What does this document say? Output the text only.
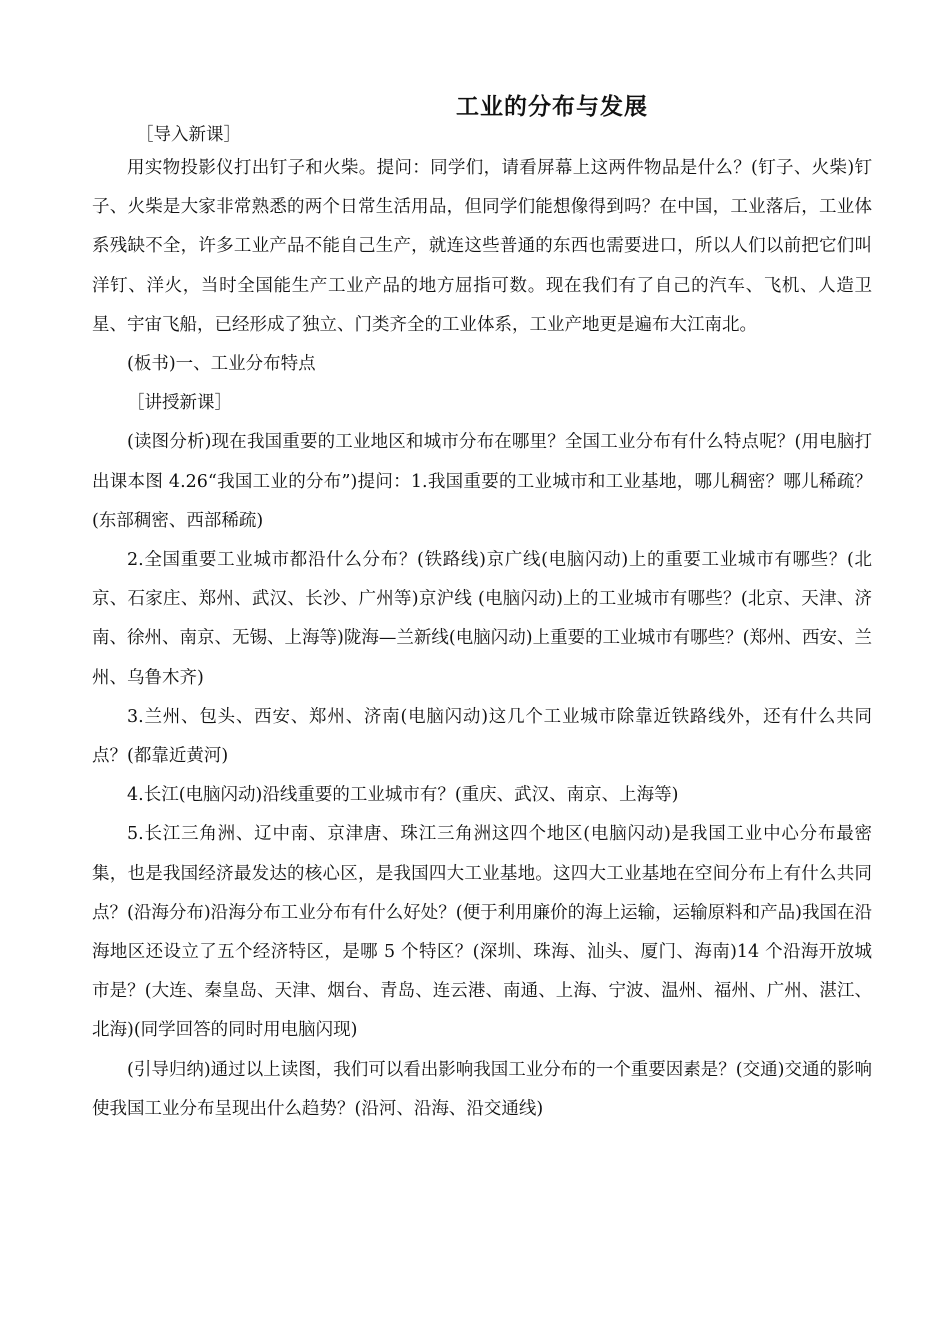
工业的分布与发展

［导入新课］

用实物投影仪打出钉子和火柴。提问：同学们，请看屏幕上这两件物品是什么？(钉子、火柴)钉子、火柴是大家非常熟悉的两个日常生活用品，但同学们能想像得到吗？在中国，工业落后，工业体系残缺不全，许多工业产品不能自己生产，就连这些普通的东西也需要进口，所以人们以前把它们叫洋钉、洋火，当时全国能生产工业产品的地方屈指可数。现在我们有了自己的汽车、飞机、人造卫星、宇宙飞船，已经形成了独立、门类齐全的工业体系，工业产地更是遍布大江南北。

(板书)一、工业分布特点

［讲授新课］

(读图分析)现在我国重要的工业地区和城市分布在哪里？全国工业分布有什么特点呢？(用电脑打出课本图 4.26“我国工业的分布”)提问：1.我国重要的工业城市和工业基地，哪儿稠密？哪儿稀疏？(东部稠密、西部稀疏)

2.全国重要工业城市都沿什么分布？(铁路线)京广线(电脑闪动)上的重要工业城市有哪些？(北京、石家庄、郑州、武汉、长沙、广州等)京沪线 (电脑闪动)上的工业城市有哪些？(北京、天津、济南、徐州、南京、无锡、上海等)陇海—兰新线(电脑闪动)上重要的工业城市有哪些？(郑州、西安、兰州、乌鲁木齐)

3.兰州、包头、西安、郑州、济南(电脑闪动)这几个工业城市除靠近铁路线外，还有什么共同点？(都靠近黄河)

4.长江(电脑闪动)沿线重要的工业城市有？(重庆、武汉、南京、上海等)

5.长江三角洲、辽中南、京津唐、珠江三角洲这四个地区(电脑闪动)是我国工业中心分布最密集，也是我国经济最发达的核心区，是我国四大工业基地。这四大工业基地在空间分布上有什么共同点？(沿海分布)沿海分布工业分布有什么好处？(便于利用廉价的海上运输，运输原料和产品)我国在沿海地区还设立了五个经济特区，是哪 5 个特区？(深圳、珠海、汕头、厦门、海南)14 个沿海开放城市是？(大连、秦皇岛、天津、烟台、青岛、连云港、南通、上海、宁波、温州、福州、广州、湛江、北海)(同学回答的同时用电脑闪现)

(引导归纳)通过以上读图，我们可以看出影响我国工业分布的一个重要因素是？(交通)交通的影响使我国工业分布呈现出什么趋势？(沿河、沿海、沿交通线)
